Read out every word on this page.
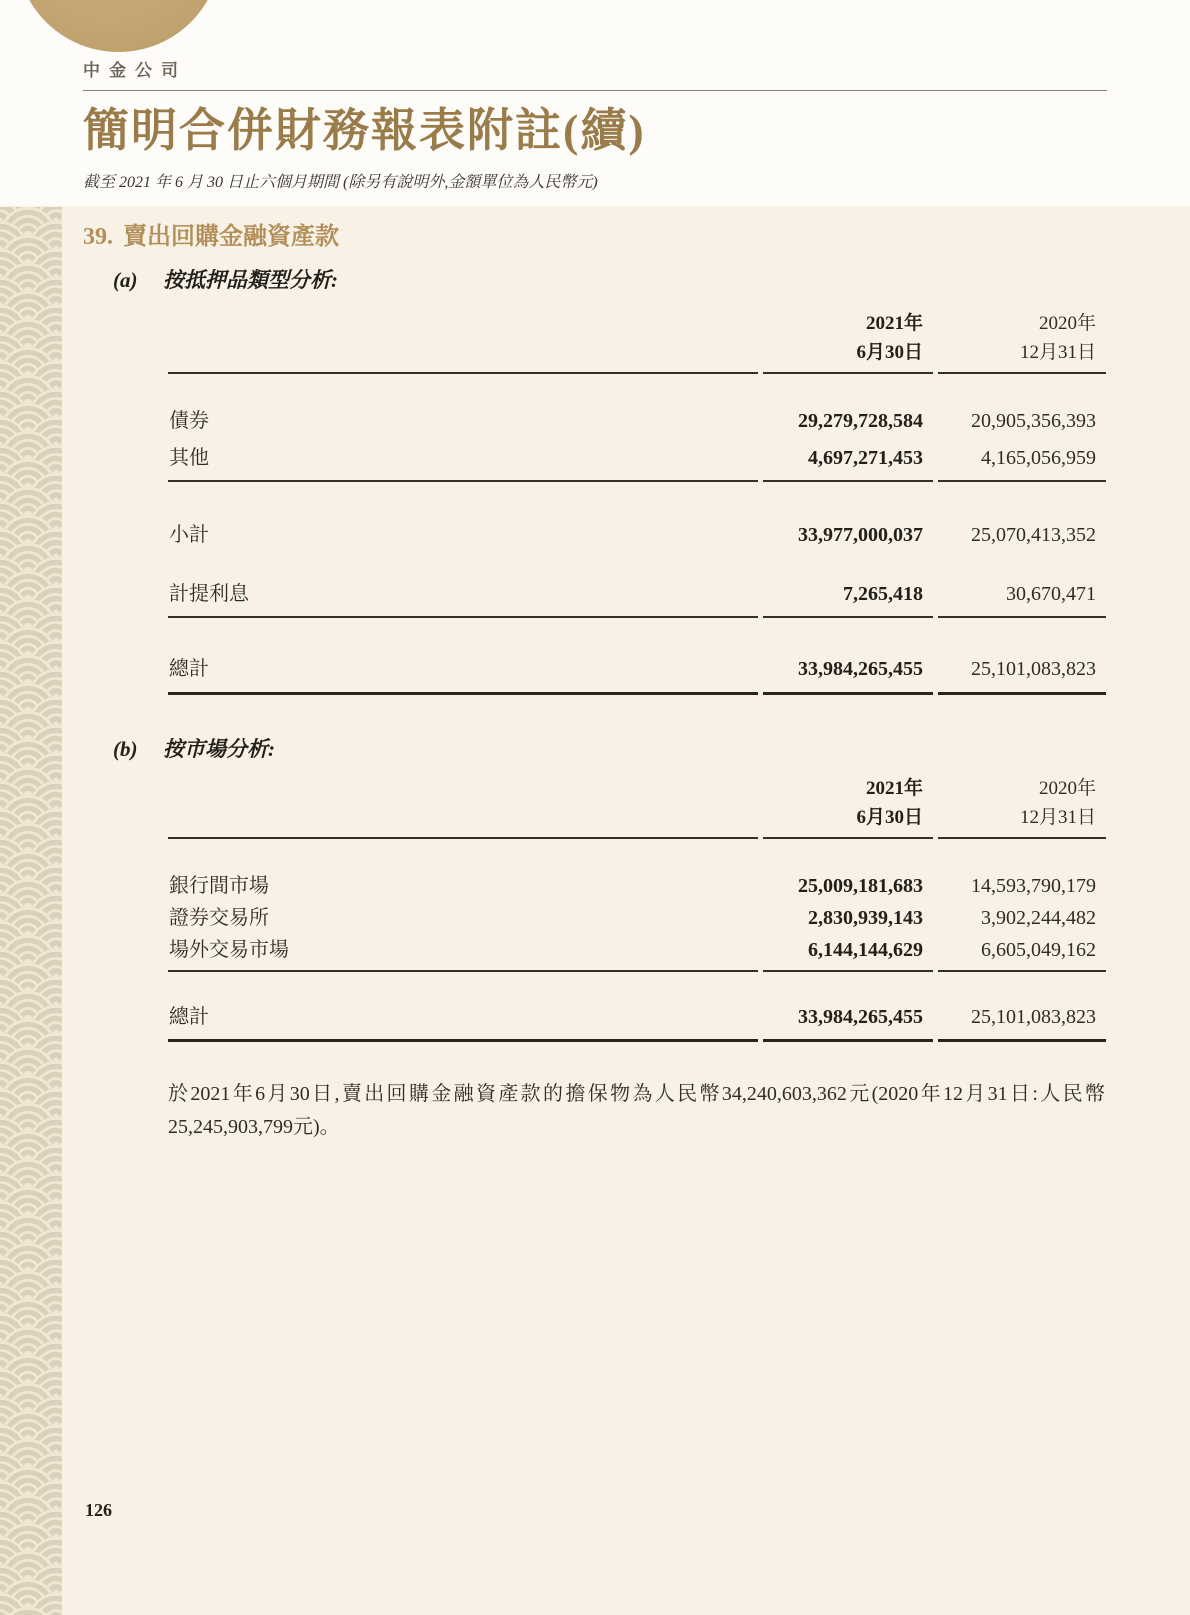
中金公司
簡明合併財務報表附註(續)
截至 2021 年 6 月 30 日止六個月期間 (除另有說明外,金額單位為人民幣元)
39. 賣出回購金融資產款
(a) 按抵押品類型分析:

2021年
6月30日

2020年
12月31日

債券	29,279,728,584	20,905,356,393
其他	4,697,271,453	4,165,056,959
小計	33,977,000,037	25,070,413,352
計提利息	7,265,418	30,670,471
總計	33,984,265,455	25,101,083,823
(b) 按市場分析:

2021年
6月30日

2020年
12月31日

銀行間市場	25,009,181,683	14,593,790,179
證券交易所	2,830,939,143	3,902,244,482
場外交易市場	6,144,144,629	6,605,049,162
總計	33,984,265,455	25,101,083,823
於2021年6月30日,賣出回購金融資產款的擔保物為人民幣34,240,603,362元(2020年12月31日:人民幣25,245,903,799元)。
126
